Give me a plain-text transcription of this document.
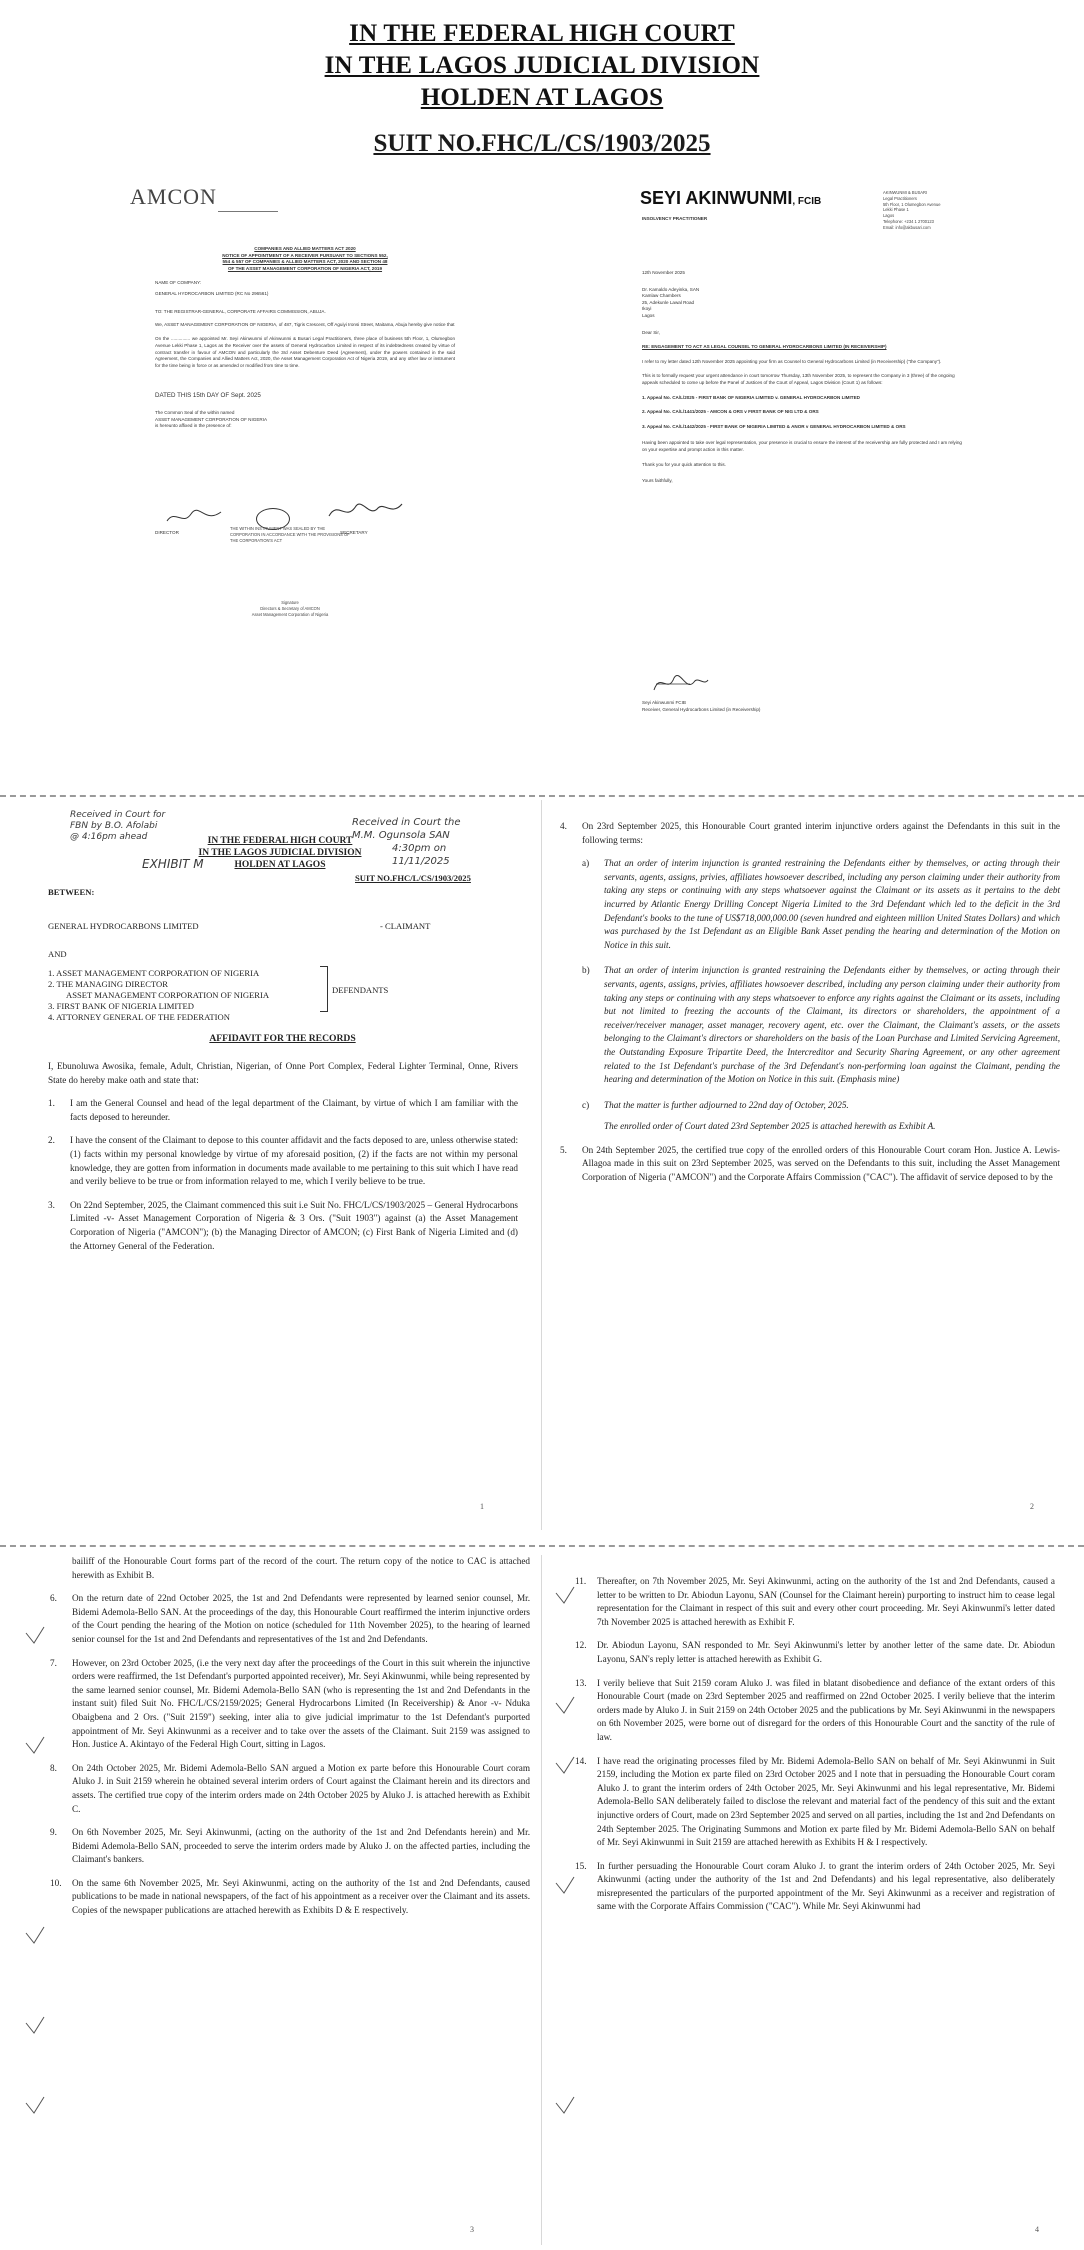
IN THE FEDERAL HIGH COURT
IN THE LAGOS JUDICIAL DIVISION
HOLDEN AT LAGOS
SUIT NO.FHC/L/CS/1903/2025
AMCON
COMPANIES AND ALLIED MATTERS ACT 2020
NOTICE OF APPOINTMENT OF A RECEIVER PURSUANT TO SECTIONS 552,
554 & 557 OF COMPANIES & ALLIED MATTERS ACT, 2020 AND SECTION 48
OF THE ASSET MANAGEMENT CORPORATION OF NIGERIA ACT, 2019
NAME OF COMPANY:
GENERAL HYDROCARBON LIMITED (RC No 296561)
TO: THE REGISTRAR-GENERAL, CORPORATE AFFAIRS COMMISSION, ABUJA.
We, ASSET MANAGEMENT CORPORATION OF NIGERIA, of 487, Tigris Crescent, Off Aguiyi Ironsi Street, Maitama, Abuja hereby give notice that
On the ............... we appointed Mr. Seyi Akinwunmi of Akinwunmi & Busari Legal Practitioners, three place of business 5th Floor, 1, Olumegbon Avenue Lekki Phase 1, Lagos as the Receiver over the assets of General Hydrocarbon Limited in respect of its indebtedness created by virtue of contract transfer in favour of AMCON and particularly the 3rd Asset Debenture Deed (Agreement), under the powers contained in the said Agreement, the Companies and Allied Matters Act, 2020, the Asset Management Corporation Act of Nigeria 2019, and any other law or instrument for the time being in force or as amended or modified from time to time.
DATED THIS 15th DAY OF Sept. 2025
The Common Seal of the within named
ASSET MANAGEMENT CORPORATION OF NIGERIA
is hereunto affixed in the presence of:
DIRECTOR
THE WITHIN INSTRUMENT WAS SEALED BY THE CORPORATION IN ACCORDANCE WITH THE PROVISIONS OF THE CORPORATION'S ACT
SECRETARY
Signature
Directors & Secretary of AMCON
Asset Management Corporation of Nigeria
SEYI AKINWUNMI, FCIB
INSOLVENCY PRACTITIONER
AKINWUNMI & BUSARI
Legal Practitioners
5th Floor, 1 Olumegbon Avenue
Lekki Phase 1
Lagos
Telephone: +234 1 2700123
Email: info@akbusari.com
12th November 2025
Dr. Kamaldo Adeyinka, SAN
Kamlaw Chambers
25, Adekunle Lawal Road
Ikoyi
Lagos
Dear Sir,
RE: ENGAGEMENT TO ACT AS LEGAL COUNSEL TO GENERAL HYDROCARBONS LIMITED (IN RECEIVERSHIP)
I refer to my letter dated 12th November 2025 appointing your firm as Counsel to General Hydrocarbons Limited (in Receivership) ("the Company").
This is to formally request your urgent attendance in court tomorrow Thursday, 13th November 2025, to represent the Company in 3 (three) of the ongoing appeals scheduled to come up before the Panel of Justices of the Court of Appeal, Lagos Division (Court 1) as follows:
1. Appeal No. CA/L/2025 - FIRST BANK OF NIGERIA LIMITED v. GENERAL HYDROCARBON LIMITED
2. Appeal No. CA/L/1441/2025 - AMCON & ORS v FIRST BANK OF NIG LTD & ORS
3. Appeal No. CA/L/1442/2025 - FIRST BANK OF NIGERIA LIMITED & ANOR v GENERAL HYDROCARBON LIMITED & ORS
Having been appointed to take over legal representation, your presence is crucial to ensure the interest of the receivership are fully protected and I am relying on your expertise and prompt action in this matter.
Thank you for your quick attention to this.
Yours faithfully,
Seyi Akinwunmi FCIB
Receiver, General Hydrocarbons Limited (in Receivership)
Received in Court for
FBN by B.O. Afolabi
@ 4:16pm ahead
Received in Court the
M.M. Ogunsola SAN
4:30pm on
11/11/2025
EXHIBIT M
IN THE FEDERAL HIGH COURT
IN THE LAGOS JUDICIAL DIVISION
HOLDEN AT LAGOS
SUIT NO.FHC/L/CS/1903/2025
BETWEEN:
GENERAL HYDROCARBONS LIMITED	- CLAIMANT
AND
1. ASSET MANAGEMENT CORPORATION OF NIGERIA
2. THE MANAGING DIRECTOR
ASSET MANAGEMENT CORPORATION OF NIGERIA
3. FIRST BANK OF NIGERIA LIMITED
4. ATTORNEY GENERAL OF THE FEDERATION
DEFENDANTS
AFFIDAVIT FOR THE RECORDS
I, Ebunoluwa Awosika, female, Adult, Christian, Nigerian, of Onne Port Complex, Federal Lighter Terminal, Onne, Rivers State do hereby make oath and state that:
1. I am the General Counsel and head of the legal department of the Claimant, by virtue of which I am familiar with the facts deposed to hereunder.
2. I have the consent of the Claimant to depose to this counter affidavit and the facts deposed to are, unless otherwise stated: (1) facts within my personal knowledge by virtue of my aforesaid position, (2) if the facts are not within my personal knowledge, they are gotten from information in documents made available to me pertaining to this suit which I have read and verily believe to be true or from information relayed to me, which I verily believe to be true.
3. On 22nd September, 2025, the Claimant commenced this suit i.e Suit No. FHC/L/CS/1903/2025 – General Hydrocarbons Limited -v- Asset Management Corporation of Nigeria & 3 Ors. ("Suit 1903") against (a) the Asset Management Corporation of Nigeria ("AMCON"); (b) the Managing Director of AMCON; (c) First Bank of Nigeria Limited and (d) the Attorney General of the Federation.
1
4. On 23rd September 2025, this Honourable Court granted interim injunctive orders against the Defendants in this suit in the following terms:
a) That an order of interim injunction is granted restraining the Defendants either by themselves, or acting through their servants, agents, assigns, privies, affiliates howsoever described, including any person claiming under their authority from taking any steps or continuing with any steps whatsoever against the Claimant or its assets as it pertains to the debt incurred by Atlantic Energy Drilling Concept Nigeria Limited to the 3rd Defendant which led to the deficit in the 3rd Defendant's books to the tune of US$718,000,000.00 (seven hundred and eighteen million United States Dollars) and which was purchased by the 1st Defendant as an Eligible Bank Asset pending the hearing and determination of the Motion on Notice in this suit.
b) That an order of interim injunction is granted restraining the Defendants either by themselves, or acting through their servants, agents, assigns, privies, affiliates howsoever described, including any person claiming under their authority from taking any steps or continuing with any steps whatsoever to enforce any rights against the Claimant or its assets, including but not limited to freezing the accounts of the Claimant, its directors or shareholders, the appointment of a receiver/receiver manager, asset manager, recovery agent, etc. over the Claimant, the Claimant's assets, or the assets belonging to the Claimant's directors or shareholders on the basis of the Loan Purchase and Limited Servicing Agreement, the Outstanding Exposure Tripartite Deed, the Intercreditor and Security Sharing Agreement, or any other agreement related to the 1st Defendant's purchase of the 3rd Defendant's non-performing loan against the Claimant, pending the hearing and determination of the Motion on Notice in this suit. (Emphasis mine)
c) That the matter is further adjourned to 22nd day of October, 2025.
The enrolled order of Court dated 23rd September 2025 is attached herewith as Exhibit A.
5. On 24th September 2025, the certified true copy of the enrolled orders of this Honourable Court coram Hon. Justice A. Lewis-Allagoa made in this suit on 23rd September 2025, was served on the Defendants to this suit, including the Asset Management Corporation of Nigeria ("AMCON") and the Corporate Affairs Commission ("CAC"). The affidavit of service deposed to by the
2
bailiff of the Honourable Court forms part of the record of the court. The return copy of the notice to CAC is attached herewith as Exhibit B.
6. On the return date of 22nd October 2025, the 1st and 2nd Defendants were represented by learned senior counsel, Mr. Bidemi Ademola-Bello SAN. At the proceedings of the day, this Honourable Court reaffirmed the interim injunctive orders of the Court pending the hearing of the Motion on notice (scheduled for 11th November 2025), to the hearing of learned senior counsel for the 1st and 2nd Defendants and representatives of the 1st and 2nd Defendants.
7. However, on 23rd October 2025, (i.e the very next day after the proceedings of the Court in this suit wherein the injunctive orders were reaffirmed, the 1st Defendant's purported appointed receiver), Mr. Seyi Akinwunmi, while being represented by the same learned senior counsel, Mr. Bidemi Ademola-Bello SAN (who is representing the 1st and 2nd Defendants in the instant suit) filed Suit No. FHC/L/CS/2159/2025; General Hydrocarbons Limited (In Receivership) & Anor -v- Nduka Obaigbena and 2 Ors. ("Suit 2159") seeking, inter alia to give judicial imprimatur to the 1st Defendant's purported appointment of Mr. Seyi Akinwunmi as a receiver and to take over the assets of the Claimant. Suit 2159 was assigned to Hon. Justice A. Akintayo of the Federal High Court, sitting in Lagos.
8. On 24th October 2025, Mr. Bidemi Ademola-Bello SAN argued a Motion ex parte before this Honourable Court coram Aluko J. in Suit 2159 wherein he obtained several interim orders of Court against the Claimant herein and its directors and assets. The certified true copy of the interim orders made on 24th October 2025 by Aluko J. is attached herewith as Exhibit C.
9. On 6th November 2025, Mr. Seyi Akinwunmi, (acting on the authority of the 1st and 2nd Defendants herein) and Mr. Bidemi Ademola-Bello SAN, proceeded to serve the interim orders made by Aluko J. on the affected parties, including the Claimant's bankers.
10. On the same 6th November 2025, Mr. Seyi Akinwunmi, acting on the authority of the 1st and 2nd Defendants, caused publications to be made in national newspapers, of the fact of his appointment as a receiver over the Claimant and its assets. Copies of the newspaper publications are attached herewith as Exhibits D & E respectively.
3
11. Thereafter, on 7th November 2025, Mr. Seyi Akinwunmi, acting on the authority of the 1st and 2nd Defendants, caused a letter to be written to Dr. Abiodun Layonu, SAN (Counsel for the Claimant herein) purporting to instruct him to cease legal representation for the Claimant in respect of this suit and every other court proceeding. Mr. Seyi Akinwunmi's letter dated 7th November 2025 is attached herewith as Exhibit F.
12. Dr. Abiodun Layonu, SAN responded to Mr. Seyi Akinwunmi's letter by another letter of the same date. Dr. Abiodun Layonu, SAN's reply letter is attached herewith as Exhibit G.
13. I verily believe that Suit 2159 coram Aluko J. was filed in blatant disobedience and defiance of the extant orders of this Honourable Court (made on 23rd September 2025 and reaffirmed on 22nd October 2025. I verily believe that the interim orders made by Aluko J. in Suit 2159 on 24th October 2025 and the publications by Mr. Seyi Akinwunmi in the newspapers on 6th November 2025, were borne out of disregard for the orders of this Honourable Court and the sanctity of the rule of law.
14. I have read the originating processes filed by Mr. Bidemi Ademola-Bello SAN on behalf of Mr. Seyi Akinwunmi in Suit 2159, including the Motion ex parte filed on 23rd October 2025 and I note that in persuading the Honourable Court coram Aluko J. to grant the interim orders of 24th October 2025, Mr. Seyi Akinwunmi and his legal representative, Mr. Bidemi Ademola-Bello SAN deliberately failed to disclose the relevant and material fact of the pendency of this suit and the extant injunctive orders of Court, made on 23rd September 2025 and served on all parties, including the 1st and 2nd Defendants on 24th September 2025. The Originating Summons and Motion ex parte filed by Mr. Bidemi Ademola-Bello SAN on behalf of Mr. Seyi Akinwunmi in Suit 2159 are attached herewith as Exhibits H & I respectively.
15. In further persuading the Honourable Court coram Aluko J. to grant the interim orders of 24th October 2025, Mr. Seyi Akinwunmi (acting under the authority of the 1st and 2nd Defendants) and his legal representative, also deliberately misrepresented the particulars of the purported appointment of the Mr. Seyi Akinwunmi as a receiver and registration of same with the Corporate Affairs Commission ("CAC"). While Mr. Seyi Akinwunmi had
4
